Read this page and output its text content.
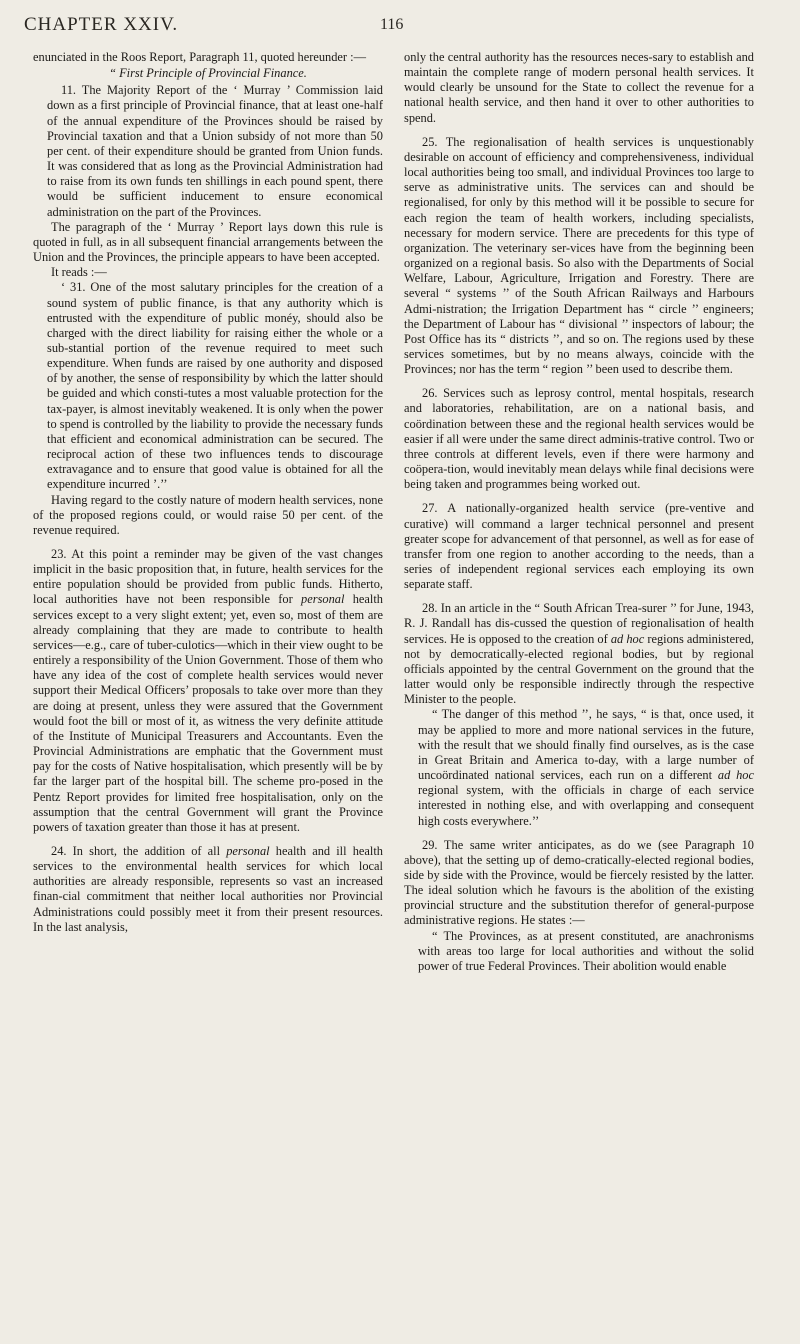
CHAPTER XXIV.	116

enunciated in the Roos Report, Paragraph 11, quoted hereunder :—

“ First Principle of Provincial Finance.

11. The Majority Report of the ‘ Murray ’ Commission laid down as a first principle of Provincial finance, that at least one-half of the annual expenditure of the Provinces should be raised by Provincial taxation and that a Union subsidy of not more than 50 per cent. of their expenditure should be granted from Union funds. It was considered that as long as the Provincial Administration had to raise from its own funds ten shillings in each pound spent, there would be sufficient inducement to ensure economical administration on the part of the Provinces.

The paragraph of the ‘ Murray ’ Report lays down this rule is quoted in full, as in all subsequent financial arrangements between the Union and the Provinces, the principle appears to have been accepted.

It reads :—

‘ 31. One of the most salutary principles for the creation of a sound system of public finance, is that any authority which is entrusted with the expenditure of public monéy, should also be charged with the direct liability for raising either the whole or a sub-stantial portion of the revenue required to meet such expenditure. When funds are raised by one authority and disposed of by another, the sense of responsibility by which the latter should be guided and which consti-tutes a most valuable protection for the tax-payer, is almost inevitably weakened. It is only when the power to spend is controlled by the liability to provide the necessary funds that efficient and economical administration can be secured. The reciprocal action of these two influences tends to discourage extravagance and to ensure that good value is obtained for all the expenditure incurred ’.’’

Having regard to the costly nature of modern health services, none of the proposed regions could, or would raise 50 per cent. of the revenue required.

23. At this point a reminder may be given of the vast changes implicit in the basic proposition that, in future, health services for the entire population should be provided from public funds. Hitherto, local authorities have not been responsible for personal health services except to a very slight extent; yet, even so, most of them are already complaining that they are made to contribute to health services—e.g., care of tuber-culotics—which in their view ought to be entirely a responsibility of the Union Government. Those of them who have any idea of the cost of complete health services would never support their Medical Officers’ proposals to take over more than they are doing at present, unless they were assured that the Government would foot the bill or most of it, as witness the very definite attitude of the Institute of Municipal Treasurers and Accountants. Even the Provincial Administrations are emphatic that the Government must pay for the costs of Native hospitalisation, which presently will be by far the larger part of the hospital bill. The scheme pro-posed in the Pentz Report provides for limited free hospitalisation, only on the assumption that the central Government will grant the Province powers of taxation greater than those it has at present.

24. In short, the addition of all personal health and ill health services to the environmental health services for which local authorities are already responsible, represents so vast an increased finan-cial commitment that neither local authorities nor Provincial Administrations could possibly meet it from their present resources. In the last analysis,

only the central authority has the resources neces-sary to establish and maintain the complete range of modern personal health services. It would clearly be unsound for the State to collect the revenue for a national health service, and then hand it over to other authorities to spend.

25. The regionalisation of health services is unquestionably desirable on account of efficiency and comprehensiveness, individual local authorities being too small, and individual Provinces too large to serve as administrative units. The services can and should be regionalised, for only by this method will it be possible to secure for each region the team of health workers, including specialists, necessary for modern service. There are precedents for this type of organization. The veterinary ser-vices have from the beginning been organized on a regional basis. So also with the Departments of Social Welfare, Labour, Agriculture, Irrigation and Forestry. There are several “ systems ’’ of the South African Railways and Harbours Admi-nistration; the Irrigation Department has “ circle ’’ engineers; the Department of Labour has “ divisional ’’ inspectors of labour; the Post Office has its “ districts ’’, and so on. The regions used by these services sometimes, but by no means always, coincide with the Provinces; nor has the term “ region ’’ been used to describe them.

26. Services such as leprosy control, mental hospitals, research and laboratories, rehabilitation, are on a national basis, and coördination between these and the regional health services would be easier if all were under the same direct adminis-trative control. Two or three controls at different levels, even if there were harmony and coöpera-tion, would inevitably mean delays while final decisions were being taken and programmes being worked out.

27. A nationally-organized health service (pre-ventive and curative) will command a larger technical personnel and present greater scope for advancement of that personnel, as well as for ease of transfer from one region to another according to the needs, than a series of independent regional services each employing its own separate staff.

28. In an article in the “ South African Trea-surer ’’ for June, 1943, R. J. Randall has dis-cussed the question of regionalisation of health services. He is opposed to the creation of ad hoc regions administered, not by democratically-elected regional bodies, but by regional officials appointed by the central Government on the ground that the latter would only be responsible indirectly through the respective Minister to the people.

“ The danger of this method ’’, he says, “ is that, once used, it may be applied to more and more national services in the future, with the result that we should finally find ourselves, as is the case in Great Britain and America to-day, with a large number of uncoördinated national services, each run on a different ad hoc regional system, with the officials in charge of each service interested in nothing else, and with overlapping and consequent high costs everywhere.’’

29. The same writer anticipates, as do we (see Paragraph 10 above), that the setting up of demo-cratically-elected regional bodies, side by side with the Province, would be fiercely resisted by the latter. The ideal solution which he favours is the abolition of the existing provincial structure and the substitution therefor of general-purpose administrative regions. He states :—

“ The Provinces, as at present constituted, are anachronisms with areas too large for local authorities and without the solid power of true Federal Provinces. Their abolition would enable
